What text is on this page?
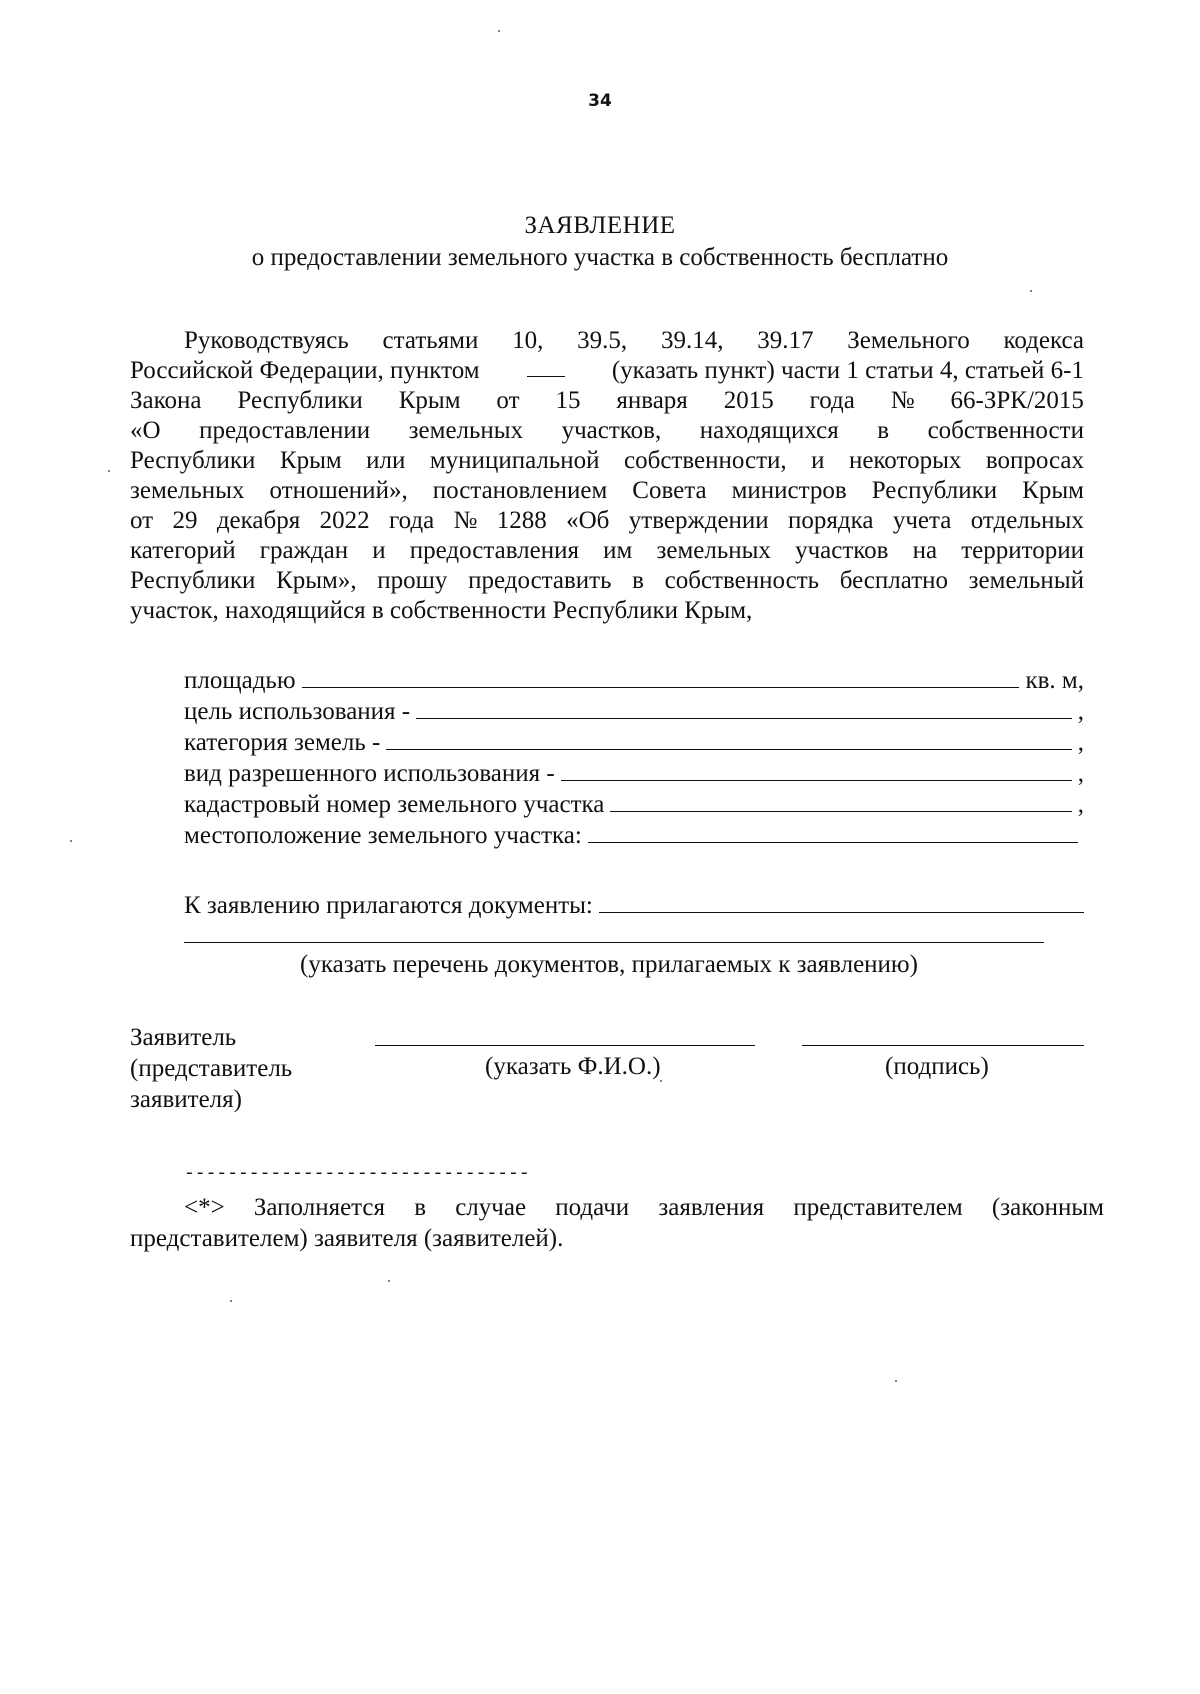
34
ЗАЯВЛЕНИЕ
о предоставлении земельного участка в собственность бесплатно
Руководствуясь статьями 10, 39.5, 39.14, 39.17 Земельного кодекса
Российской Федерации, пунктом	(указать пункт) части 1 статьи 4, статьей 6-1
Закона Республики Крым от 15 января 2015 года № 66-ЗРК/2015
«О предоставлении земельных участков, находящихся в собственности
Республики Крым или муниципальной собственности, и некоторых вопросах
земельных отношений», постановлением Совета министров Республики Крым
от 29 декабря 2022 года № 1288 «Об утверждении порядка учета отдельных
категорий граждан и предоставления им земельных участков на территории
Республики Крым», прошу предоставить в собственность бесплатно земельный
участок, находящийся в собственности Республики Крым,
площадью	кв. м,
цель использования -	,
категория земель -	,
вид разрешенного использования -	,
кадастровый номер земельного участка	,
местоположение земельного участка:
К заявлению прилагаются документы:
(указать перечень документов, прилагаемых к заявлению)
Заявитель
(представитель
заявителя)
(указать Ф.И.О.)	(подпись)
--------------------------------
<*> Заполняется в случае подачи заявления представителем (законным
представителем) заявителя (заявителей).
